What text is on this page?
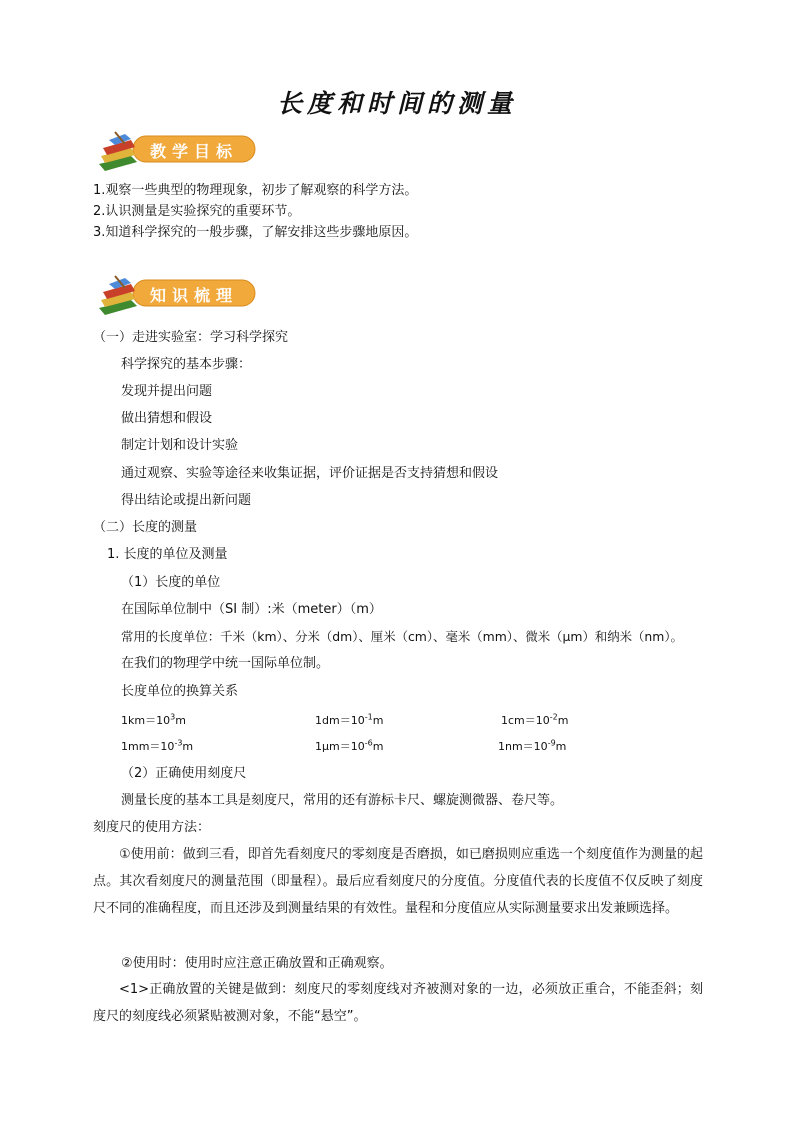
长度和时间的测量
教学目标
1.观察一些典型的物理现象，初步了解观察的科学方法。
2.认识测量是实验探究的重要环节。
3.知道科学探究的一般步骤，了解安排这些步骤地原因。
知识梳理
（一）走进实验室：学习科学探究
科学探究的基本步骤：
发现并提出问题
做出猜想和假设
制定计划和设计实验
通过观察、实验等途径来收集证据，评价证据是否支持猜想和假设
得出结论或提出新问题
（二）长度的测量
1. 长度的单位及测量
（1）长度的单位
在国际单位制中（SI 制）:米（meter）（m）
常用的长度单位：千米（km）、分米（dm）、厘米（cm）、毫米（mm）、微米（μm）和纳米（nm）。
在我们的物理学中统一国际单位制。
长度单位的换算关系
$1km=10^3m$	$1dm=10^{-1}m$	$1cm=10^{-2}m$
$1mm=10^{-3}m$	$1\mu m=10^{-6}m$	$1nm=10^{-9}m$
（2）正确使用刻度尺
测量长度的基本工具是刻度尺，常用的还有游标卡尺、螺旋测微器、卷尺等。
刻度尺的使用方法：
①使用前：做到三看，即首先看刻度尺的零刻度是否磨损，如已磨损则应重选一个刻度值作为测量的起点。其次看刻度尺的测量范围（即量程）。最后应看刻度尺的分度值。分度值代表的长度值不仅反映了刻度尺不同的准确程度，而且还涉及到测量结果的有效性。量程和分度值应从实际测量要求出发兼顾选择。
②使用时：使用时应注意正确放置和正确观察。
<1>正确放置的关键是做到：刻度尺的零刻度线对齐被测对象的一边，必须放正重合，不能歪斜；刻度尺的刻度线必须紧贴被测对象，不能“悬空”。
